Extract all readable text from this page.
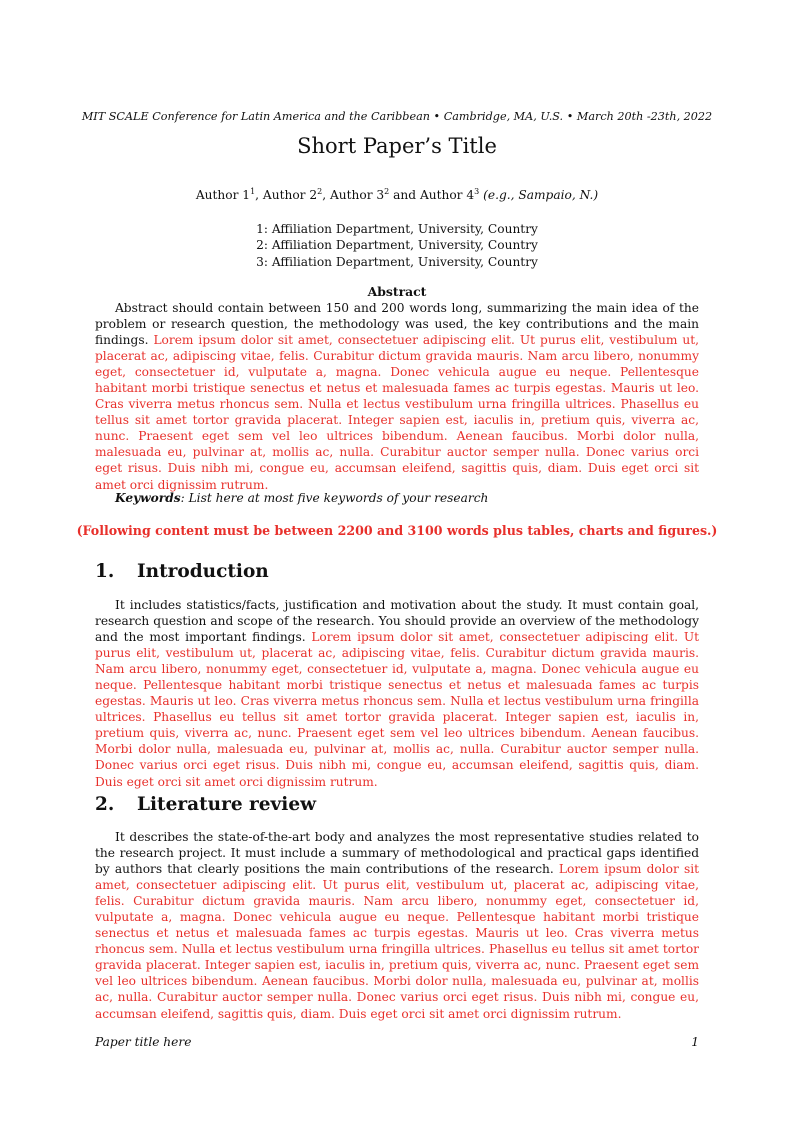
MIT SCALE Conference for Latin America and the Caribbean • Cambridge, MA, U.S. • March 20th -23th, 2022
Short Paper’s Title
Author $1^1$, Author $2^2$, Author $3^2$ and Author $4^3$ (e.g., Sampaio, N.)
1: Affiliation Department, University, Country
2: Affiliation Department, University, Country
3: Affiliation Department, University, Country
Abstract
Abstract should contain between 150 and 200 words long, summarizing the main idea of the problem or research question, the methodology was used, the key contributions and the main findings. Lorem ipsum dolor sit amet, consectetuer adipiscing elit. Ut purus elit, vestibulum ut, placerat ac, adipiscing vitae, felis. Curabitur dictum gravida mauris. Nam arcu libero, nonummy eget, consectetuer id, vulputate a, magna. Donec vehicula augue eu neque. Pellentesque habitant morbi tristique senectus et netus et malesuada fames ac turpis egestas. Mauris ut leo. Cras viverra metus rhoncus sem. Nulla et lectus vestibulum urna fringilla ultrices. Phasellus eu tellus sit amet tortor gravida placerat. Integer sapien est, iaculis in, pretium quis, viverra ac, nunc. Praesent eget sem vel leo ultrices bibendum. Aenean faucibus. Morbi dolor nulla, malesuada eu, pulvinar at, mollis ac, nulla. Curabitur auctor semper nulla. Donec varius orci eget risus. Duis nibh mi, congue eu, accumsan eleifend, sagittis quis, diam. Duis eget orci sit amet orci dignissim rutrum.
Keywords: List here at most five keywords of your research
(Following content must be between 2200 and 3100 words plus tables, charts and figures.)
1. Introduction
It includes statistics/facts, justification and motivation about the study. It must contain goal, research question and scope of the research. You should provide an overview of the methodology and the most important findings. Lorem ipsum dolor sit amet, consectetuer adipiscing elit. Ut purus elit, vestibulum ut, placerat ac, adipiscing vitae, felis. Curabitur dictum gravida mauris. Nam arcu libero, nonummy eget, consectetuer id, vulputate a, magna. Donec vehicula augue eu neque. Pellentesque habitant morbi tristique senectus et netus et malesuada fames ac turpis egestas. Mauris ut leo. Cras viverra metus rhoncus sem. Nulla et lectus vestibulum urna fringilla ultrices. Phasellus eu tellus sit amet tortor gravida placerat. Integer sapien est, iaculis in, pretium quis, viverra ac, nunc. Praesent eget sem vel leo ultrices bibendum. Aenean faucibus. Morbi dolor nulla, malesuada eu, pulvinar at, mollis ac, nulla. Curabitur auctor semper nulla. Donec varius orci eget risus. Duis nibh mi, congue eu, accumsan eleifend, sagittis quis, diam. Duis eget orci sit amet orci dignissim rutrum.
2. Literature review
It describes the state-of-the-art body and analyzes the most representative studies related to the research project. It must include a summary of methodological and practical gaps identified by authors that clearly positions the main contributions of the research. Lorem ipsum dolor sit amet, consectetuer adipiscing elit. Ut purus elit, vestibulum ut, placerat ac, adipiscing vitae, felis. Curabitur dictum gravida mauris. Nam arcu libero, nonummy eget, consectetuer id, vulputate a, magna. Donec vehicula augue eu neque. Pellentesque habitant morbi tristique senectus et netus et malesuada fames ac turpis egestas. Mauris ut leo. Cras viverra metus rhoncus sem. Nulla et lectus vestibulum urna fringilla ultrices. Phasellus eu tellus sit amet tortor gravida placerat. Integer sapien est, iaculis in, pretium quis, viverra ac, nunc. Praesent eget sem vel leo ultrices bibendum. Aenean faucibus. Morbi dolor nulla, malesuada eu, pulvinar at, mollis ac, nulla. Curabitur auctor semper nulla. Donec varius orci eget risus. Duis nibh mi, congue eu, accumsan eleifend, sagittis quis, diam. Duis eget orci sit amet orci dignissim rutrum.
Paper title here	1
